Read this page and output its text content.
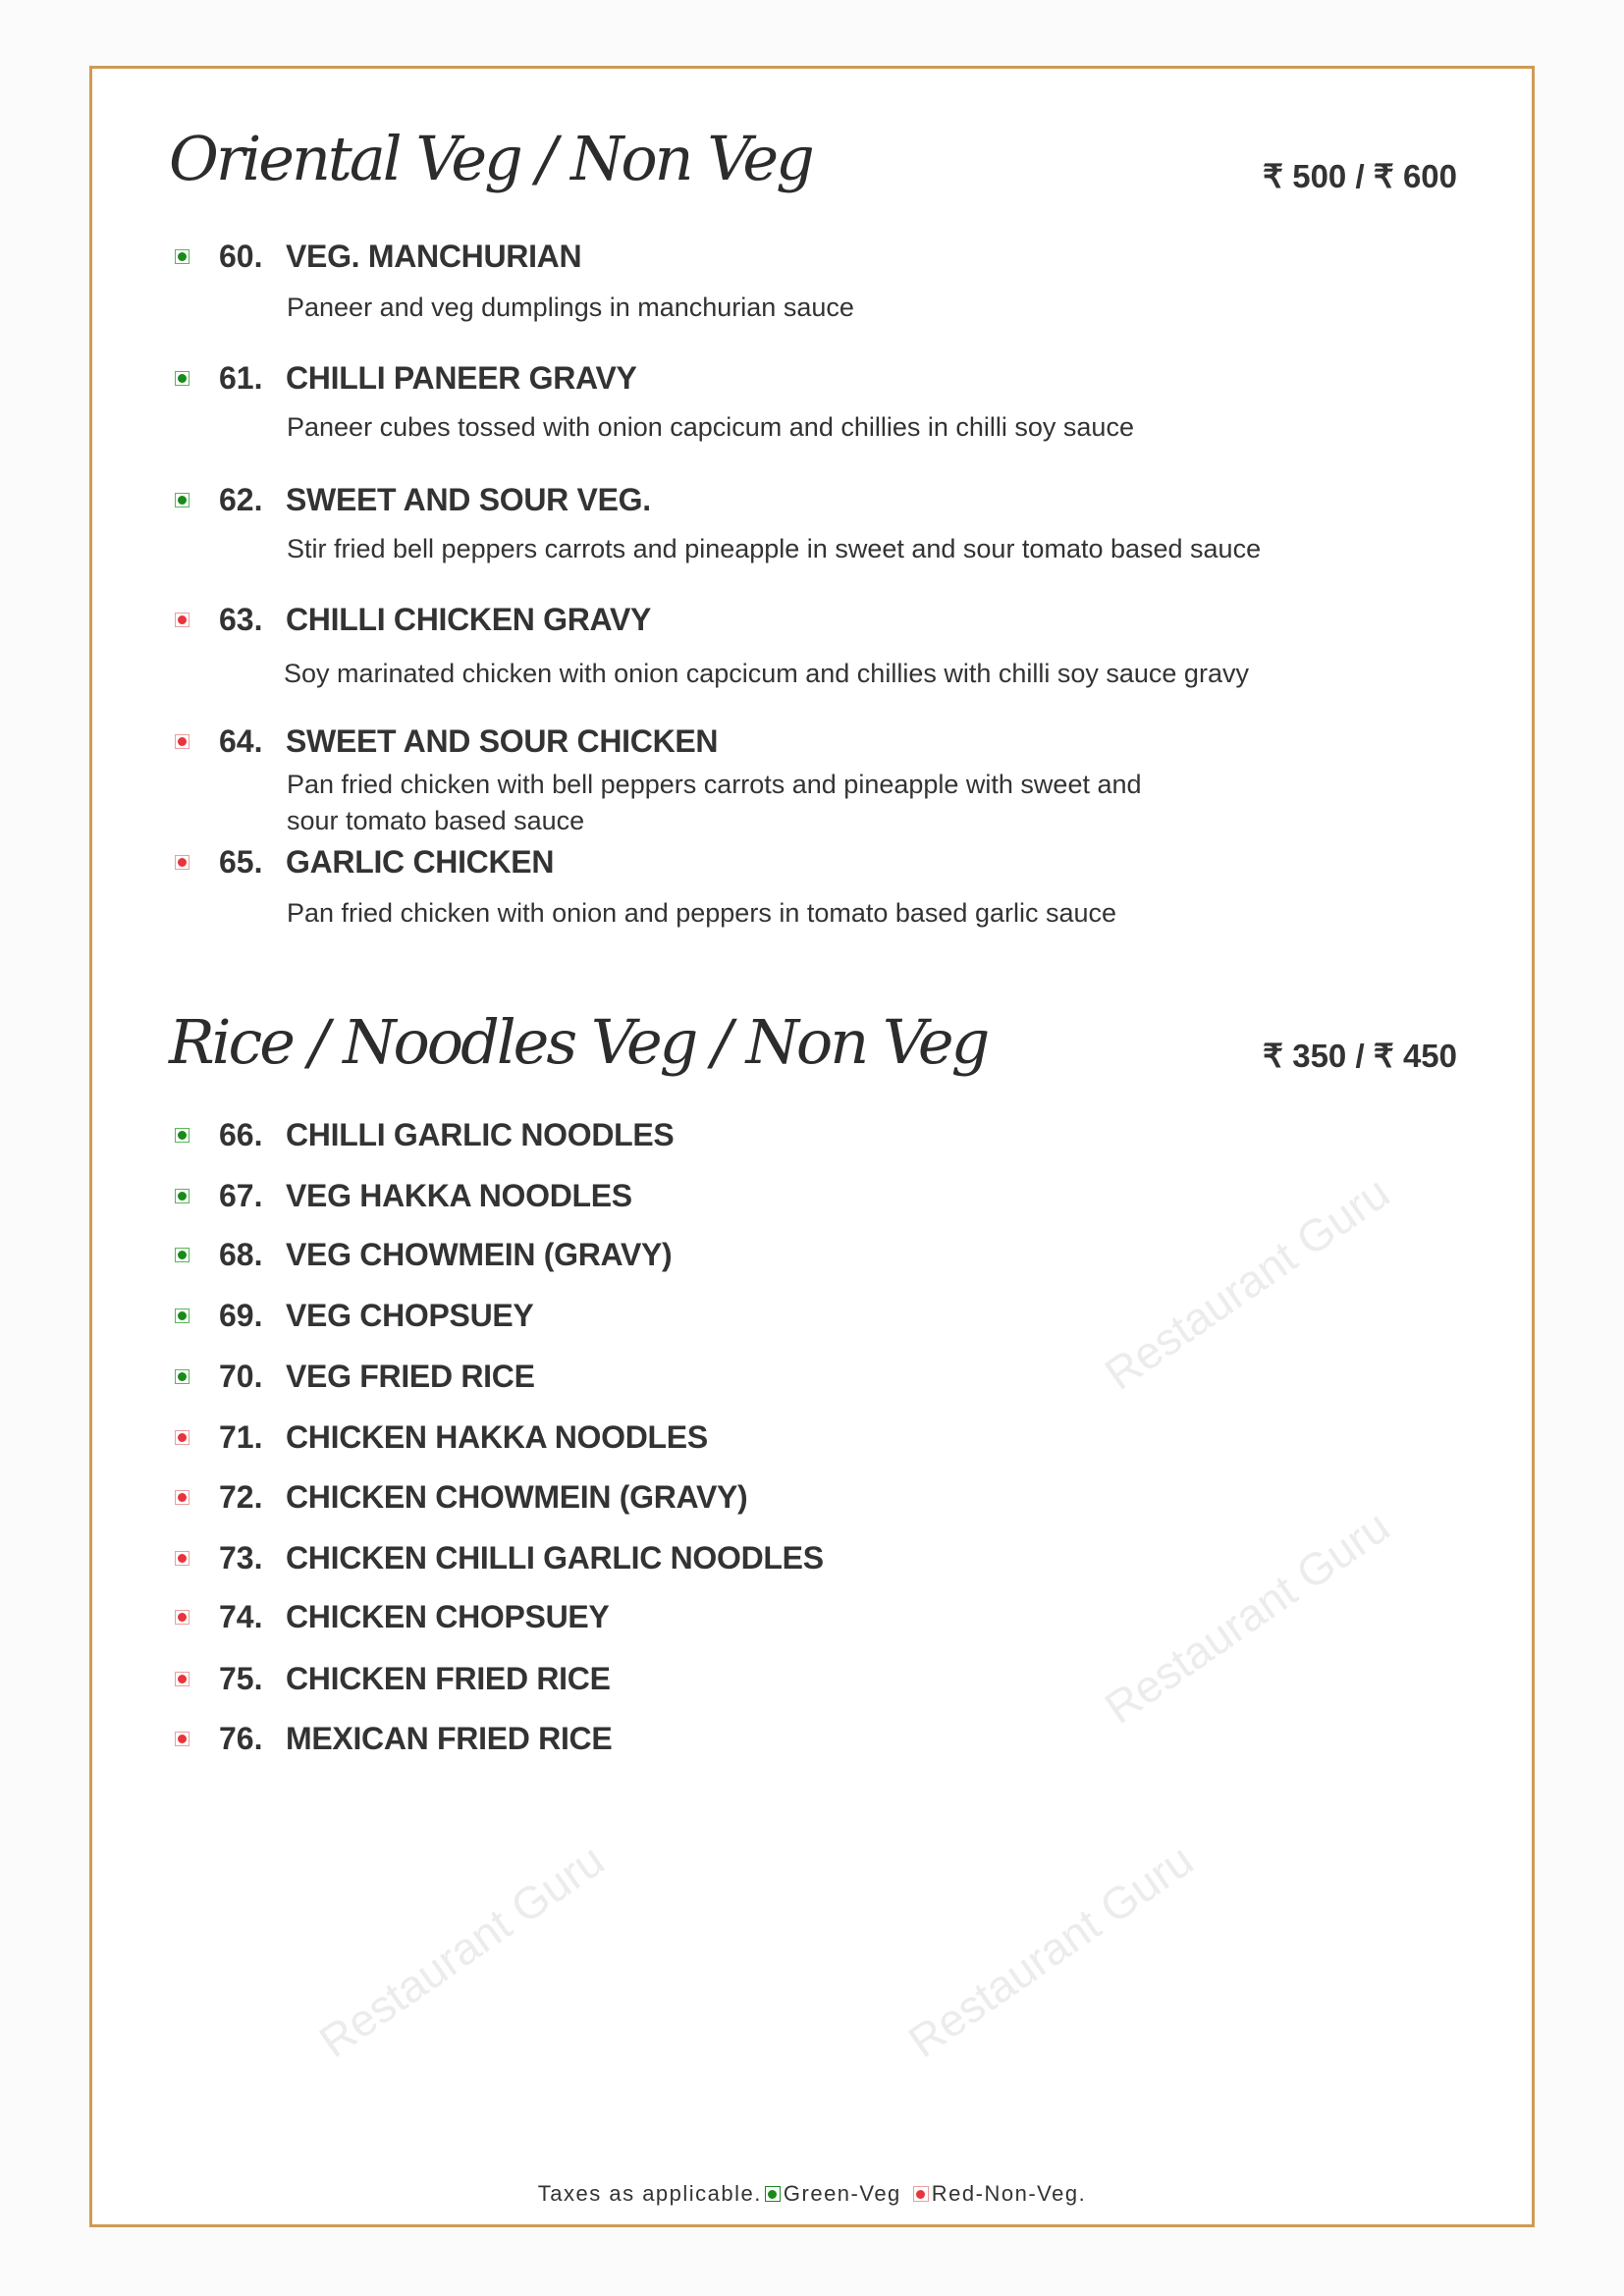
Restaurant Guru
Restaurant Guru
Restaurant Guru	Restaurant Guru
Oriental Veg / Non Veg	₹ 500 / ₹ 600
60. VEG. MANCHURIAN
Paneer and veg dumplings in manchurian sauce
61. CHILLI PANEER GRAVY
Paneer cubes tossed with onion capcicum and chillies in chilli soy sauce
62. SWEET AND SOUR VEG.
Stir fried bell peppers carrots and pineapple in sweet and sour tomato based sauce
63. CHILLI CHICKEN GRAVY
Soy marinated chicken with onion capcicum and chillies with chilli soy sauce gravy
64. SWEET AND SOUR CHICKEN
Pan fried chicken with bell peppers carrots and pineapple with sweet and
sour tomato based sauce
65. GARLIC CHICKEN
Pan fried chicken with onion and peppers in tomato based garlic sauce
Rice / Noodles Veg / Non Veg	₹ 350 / ₹ 450
66. CHILLI GARLIC NOODLES
67. VEG HAKKA NOODLES
68. VEG CHOWMEIN (GRAVY)
69. VEG CHOPSUEY
70. VEG FRIED RICE
71. CHICKEN HAKKA NOODLES
72. CHICKEN CHOWMEIN (GRAVY)
73. CHICKEN CHILLI GARLIC NOODLES
74. CHICKEN CHOPSUEY
75. CHICKEN FRIED RICE
76. MEXICAN FRIED RICE
Taxes as applicable. Green-Veg Red-Non-Veg.
